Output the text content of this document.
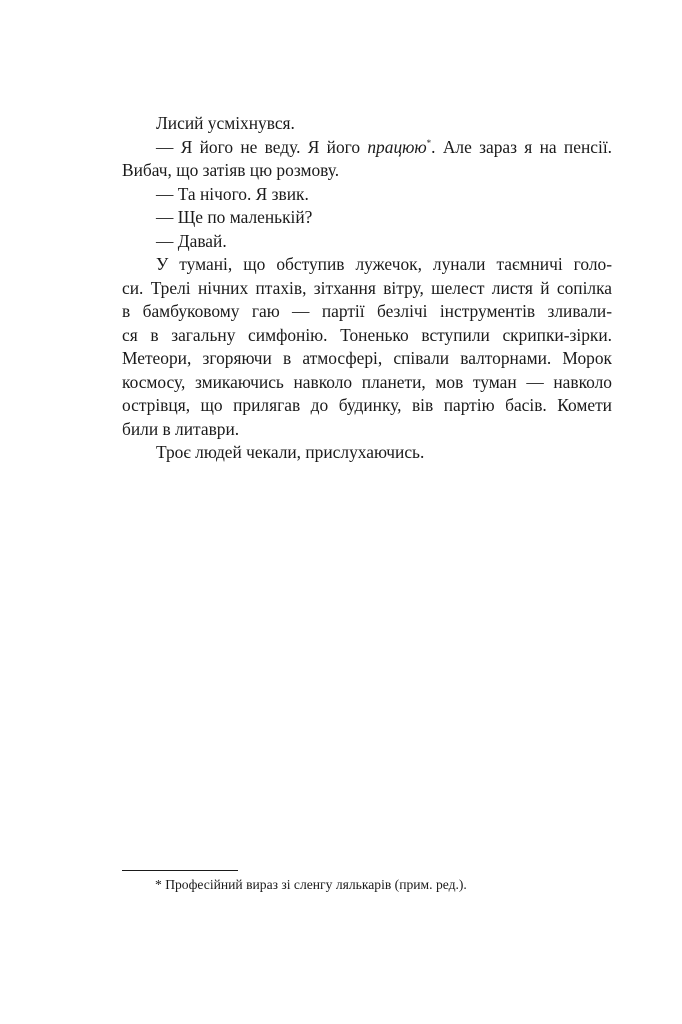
Лисий усміхнувся.
— Я його не веду. Я його працюю*. Але зараз я на пенсії.
Вибач, що затіяв цю розмову.
— Та нічого. Я звик.
— Ще по маленькій?
— Давай.
У тумані, що обступив лужечок, лунали таємничі голо-
си. Трелі нічних птахів, зітхання вітру, шелест листя й сопілка
в бамбуковому гаю — партії безлічі інструментів зливали-
ся в загальну симфонію. Тоненько вступили скрипки-зірки.
Метеори, згоряючи в атмосфері, співали валторнами. Морок
космосу, змикаючись навколо планети, мов туман — навколо
острівця, що прилягав до будинку, вів партію басів. Комети
били в литаври.
Троє людей чекали, прислухаючись.
* Професійний вираз зі сленгу лялькарів (прим. ред.).
